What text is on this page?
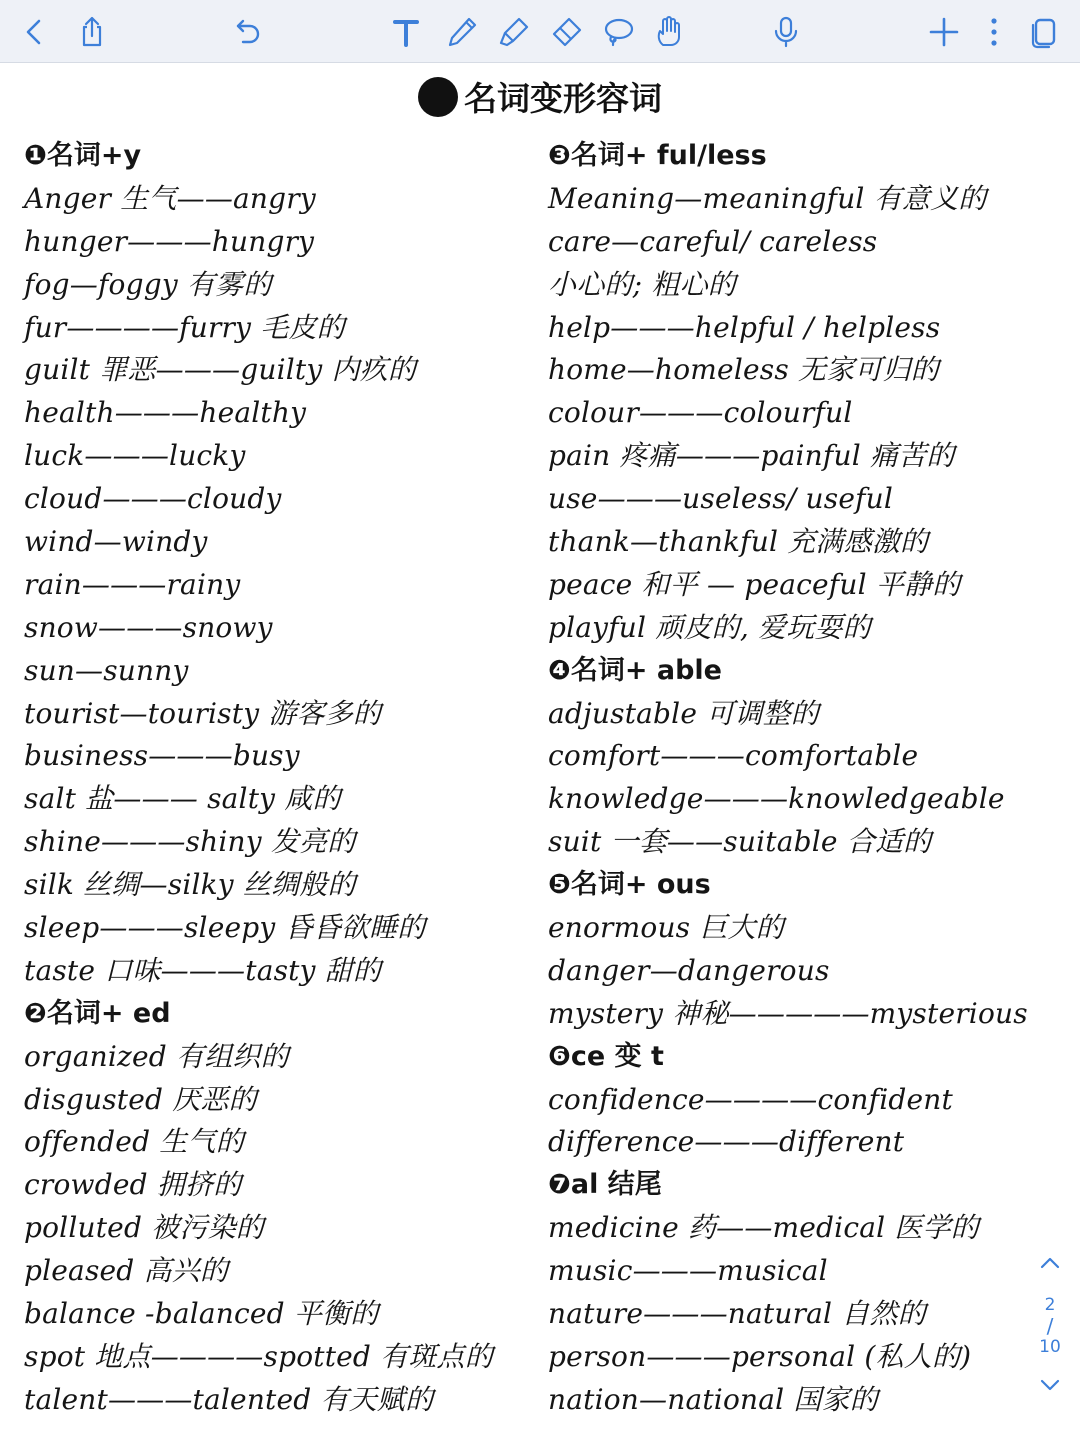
名词变形容词
❶名词+y
Anger 生气——angry
hunger———hungry
fog—foggy 有雾的
fur————furry 毛皮的
guilt 罪恶———guilty 内疚的
health———healthy
luck———lucky
cloud———cloudy
wind—windy
rain———rainy
snow———snowy
sun—sunny
tourist—touristy 游客多的
business———busy
salt 盐——— salty 咸的
shine———shiny 发亮的
silk 丝绸—silky 丝绸般的
sleep———sleepy 昏昏欲睡的
taste 口味———tasty 甜的
❷名词+ ed
organized 有组织的
disgusted 厌恶的
offended 生气的
crowded 拥挤的
polluted 被污染的
pleased 高兴的
balance -balanced 平衡的
spot 地点————spotted 有斑点的
talent———talented 有天赋的
❸名词+ ful/less
Meaning—meaningful 有意义的
care—careful/ careless
小心的; 粗心的
help———helpful / helpless
home—homeless 无家可归的
colour———colourful
pain 疼痛———painful 痛苦的
use———useless/ useful
thank—thankful 充满感激的
peace 和平 — peaceful 平静的
playful 顽皮的, 爱玩耍的
❹名词+ able
adjustable 可调整的
comfort———comfortable
knowledge———knowledgeable
suit 一套——suitable 合适的
❺名词+ ous
enormous 巨大的
danger—dangerous
mystery 神秘—————mysterious
❻ce 变 t
confidence————confident
difference———different
❼al 结尾
medicine 药——medical 医学的
music———musical
nature———natural 自然的
person———personal (私人的)
nation—national 国家的
2
/
10
